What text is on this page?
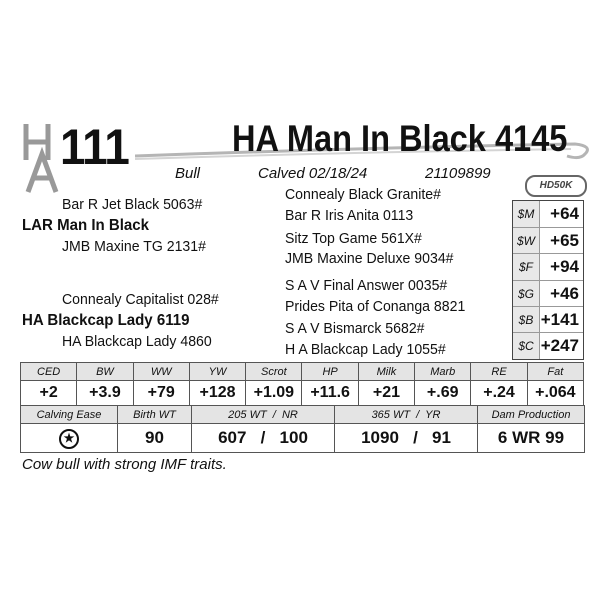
111	HA Man In Black 4145
Bull	Calved 02/18/24	21109899
HD50K
Bar R Jet Black 5063#
LAR Man In Black
JMB Maxine TG 2131#
Connealy Capitalist 028#
HA Blackcap Lady 6119
HA Blackcap Lady 4860
Connealy Black Granite#
Bar R Iris Anita 0113
Sitz Top Game 561X#
JMB Maxine Deluxe 9034#
S A V Final Answer 0035#
Prides Pita of Conanga 8821
S A V Bismarck 5682#
H A Blackcap Lady 1055#
$M +64
$W +65
$F	+94
$G +46
$B +141
$C +247
CED	BW	WW	YW	Scrot	HP	Milk	Marb	RE	Fat
+2	+3.9	+79	+128	+1.09	+11.6	+21	+.69	+.24	+.064
Calving Ease	Birth WT	205 WT  /  NR	365 WT  /  YR	Dam Production
★	90	607 / 100	1090 / 91	6 WR 99
Cow bull with strong IMF traits.
